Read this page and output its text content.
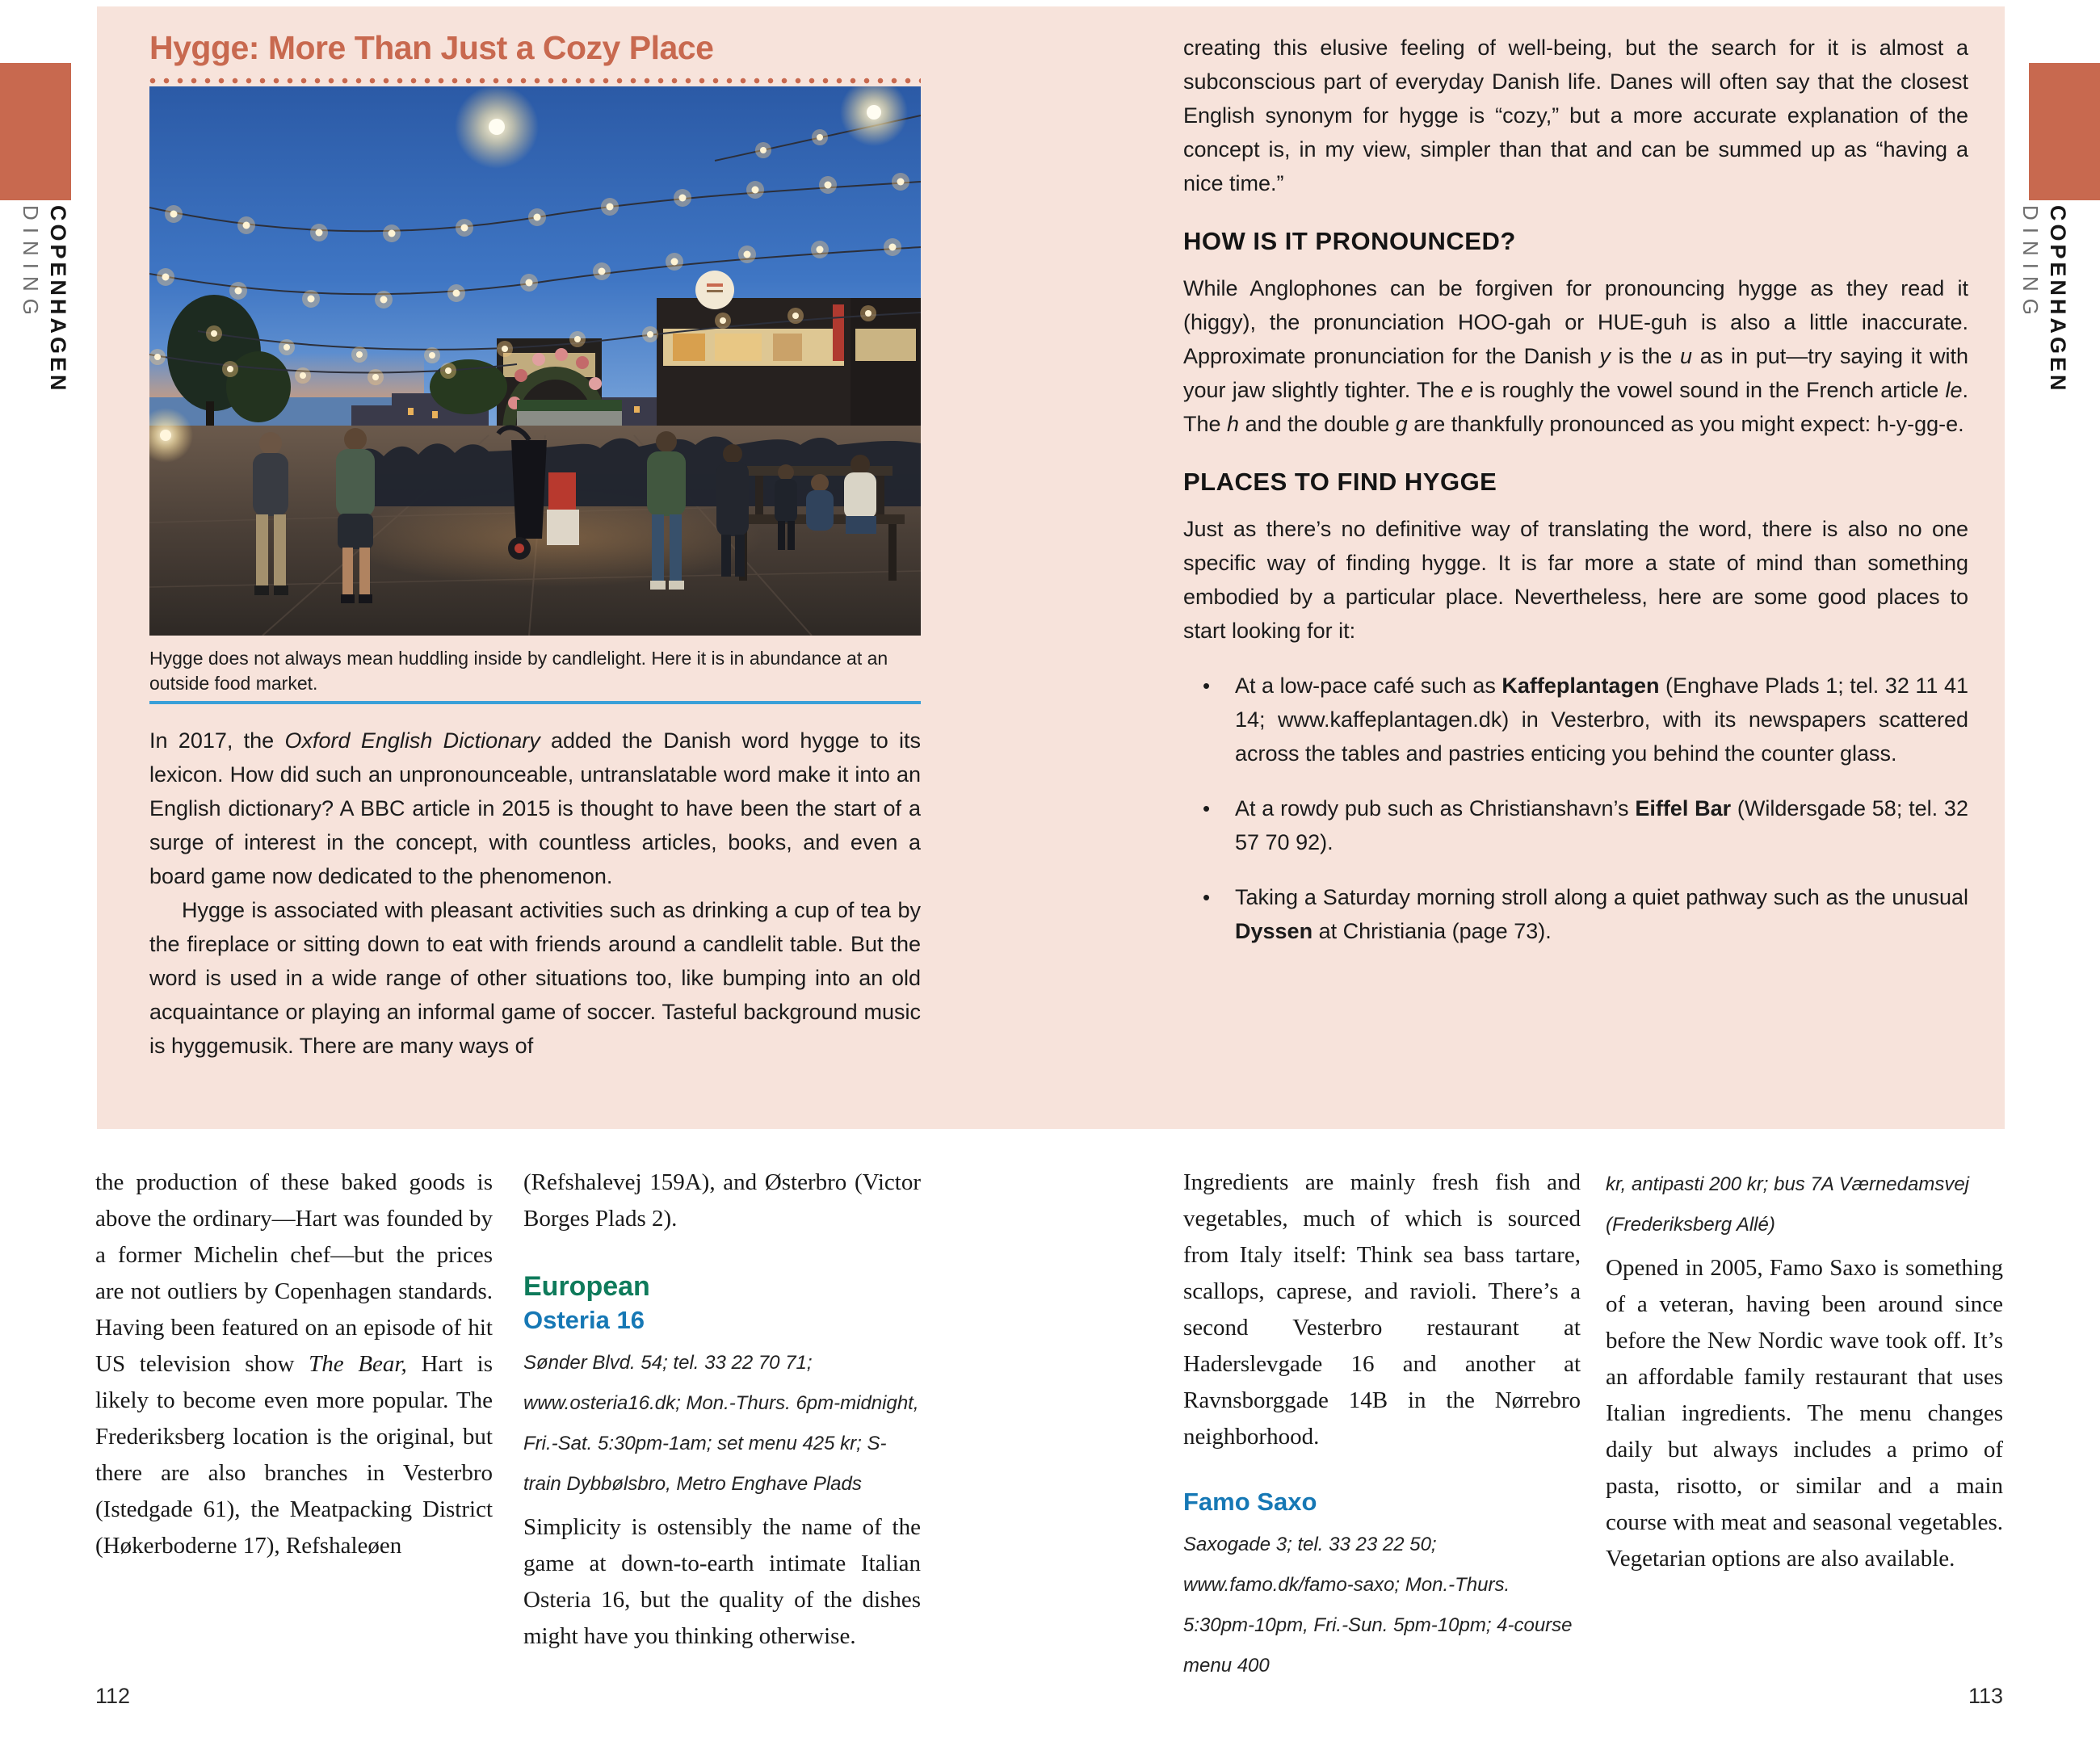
COPENHAGEN
DINING	COPENHAGEN
DINING
Hygge: More Than Just a Cozy Place
Hygge does not always mean huddling inside by candlelight. Here it is in abundance at an outside food market.

In 2017, the Oxford English Dictionary added the Danish word hygge to its lexicon. How did such an unpronounceable, untranslatable word make it into an English dictionary? A BBC article in 2015 is thought to have been the start of a surge of interest in the concept, with countless articles, books, and even a board game now dedicated to the phenomenon.

Hygge is associated with pleasant activities such as drinking a cup of tea by the fireplace or sitting down to eat with friends around a candlelit table. But the word is used in a wide range of other situations too, like bumping into an old acquaintance or playing an informal game of soccer. Tasteful background music is hyggemusik. There are many ways of

creating this elusive feeling of well-being, but the search for it is almost a subconscious part of everyday Danish life. Danes will often say that the closest English synonym for hygge is “cozy,” but a more accurate explanation of the concept is, in my view, simpler than that and can be summed up as “having a nice time.”

HOW IS IT PRONOUNCED?

While Anglophones can be forgiven for pronouncing hygge as they read it (higgy), the pronunciation HOO-gah or HUE-guh is also a little inaccurate. Approximate pronunciation for the Danish y is the u as in put—try saying it with your jaw slightly tighter. The e is roughly the vowel sound in the French article le. The h and the double g are thankfully pronounced as you might expect: h-y-gg-e.

PLACES TO FIND HYGGE

Just as there’s no definitive way of translating the word, there is also no one specific way of finding hygge. It is far more a state of mind than something embodied by a particular place. Nevertheless, here are some good places to start looking for it:

• At a low-pace café such as Kaffeplantagen (Enghave Plads 1; tel. 32 11 41 14; www.kaffeplantagen.dk) in Vesterbro, with its newspapers scattered across the tables and pastries enticing you behind the counter glass.
• At a rowdy pub such as Christianshavn’s Eiffel Bar (Wildersgade 58; tel. 32 57 70 92).
• Taking a Saturday morning stroll along a quiet pathway such as the unusual Dyssen at Christiania (page 73).

the production of these baked goods is above the ordinary—Hart was founded by a former Michelin chef—but the prices are not outliers by Copenhagen standards. Having been featured on an episode of hit US television show The Bear, Hart is likely to become even more popular. The Frederiksberg location is the original, but there are also branches in Vesterbro (Istedgade 61), the Meatpacking District (Høkerboderne 17), Refshaleøen

(Refshalevej 159A), and Østerbro (Victor Borges Plads 2).

European
Osteria 16

Sønder Blvd. 54; tel. 33 22 70 71; www.osteria16.dk; Mon.-Thurs. 6pm-midnight, Fri.-Sat. 5:30pm-1am; set menu 425 kr; S-train Dybbølsbro, Metro Enghave Plads

Simplicity is ostensibly the name of the game at down-to-earth intimate Italian Osteria 16, but the quality of the dishes might have you thinking otherwise.

Ingredients are mainly fresh fish and vegetables, much of which is sourced from Italy itself: Think sea bass tartare, scallops, caprese, and ravioli. There’s a second Vesterbro restaurant at Haderslevgade 16 and another at Ravnsborggade 14B in the Nørrebro neighborhood.

Famo Saxo

Saxogade 3; tel. 33 23 22 50; www.famo.dk/famo-saxo; Mon.-Thurs. 5:30pm-10pm, Fri.-Sun. 5pm-10pm; 4-course menu 400

kr, antipasti 200 kr; bus 7A Værnedamsvej (Frederiksberg Allé)

Opened in 2005, Famo Saxo is something of a veteran, having been around since before the New Nordic wave took off. It’s an affordable family restaurant that uses Italian ingredients. The menu changes daily but always includes a primo of pasta, risotto, or similar and a main course with meat and seasonal vegetables. Vegetarian options are also available.

112	113
